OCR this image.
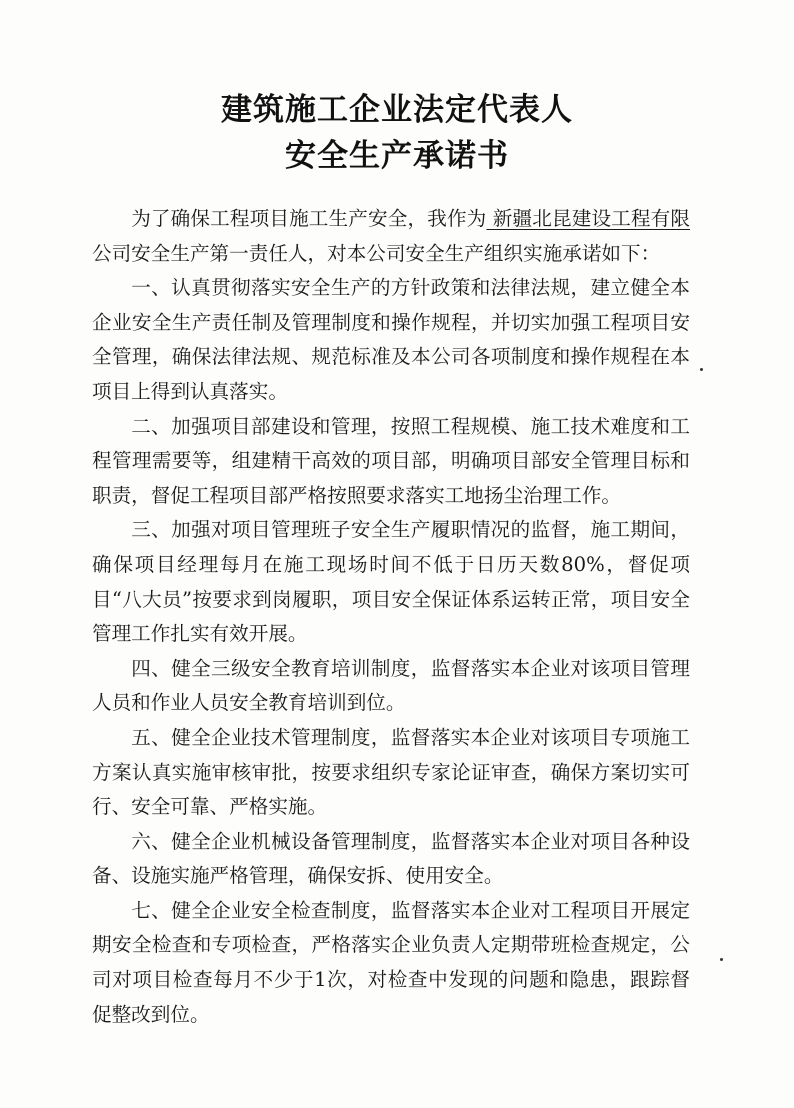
建筑施工企业法定代表人
安全生产承诺书

为了确保工程项目施工生产安全，我作为 新疆北昆建设工程有限 公司安全生产第一责任人，对本公司安全生产组织实施承诺如下：

一、认真贯彻落实安全生产的方针政策和法律法规，建立健全本企业安全生产责任制及管理制度和操作规程，并切实加强工程项目安全管理，确保法律法规、规范标准及本公司各项制度和操作规程在本项目上得到认真落实。

二、加强项目部建设和管理，按照工程规模、施工技术难度和工程管理需要等，组建精干高效的项目部，明确项目部安全管理目标和职责，督促工程项目部严格按照要求落实工地扬尘治理工作。

三、加强对项目管理班子安全生产履职情况的监督，施工期间，确保项目经理每月在施工现场时间不低于日历天数80%，督促项目“八大员”按要求到岗履职，项目安全保证体系运转正常，项目安全管理工作扎实有效开展。

四、健全三级安全教育培训制度，监督落实本企业对该项目管理人员和作业人员安全教育培训到位。

五、健全企业技术管理制度，监督落实本企业对该项目专项施工方案认真实施审核审批，按要求组织专家论证审查，确保方案切实可行、安全可靠、严格实施。

六、健全企业机械设备管理制度，监督落实本企业对项目各种设备、设施实施严格管理，确保安拆、使用安全。

七、健全企业安全检查制度，监督落实本企业对工程项目开展定期安全检查和专项检查，严格落实企业负责人定期带班检查规定，公司对项目检查每月不少于1次，对检查中发现的问题和隐患，跟踪督促整改到位。
